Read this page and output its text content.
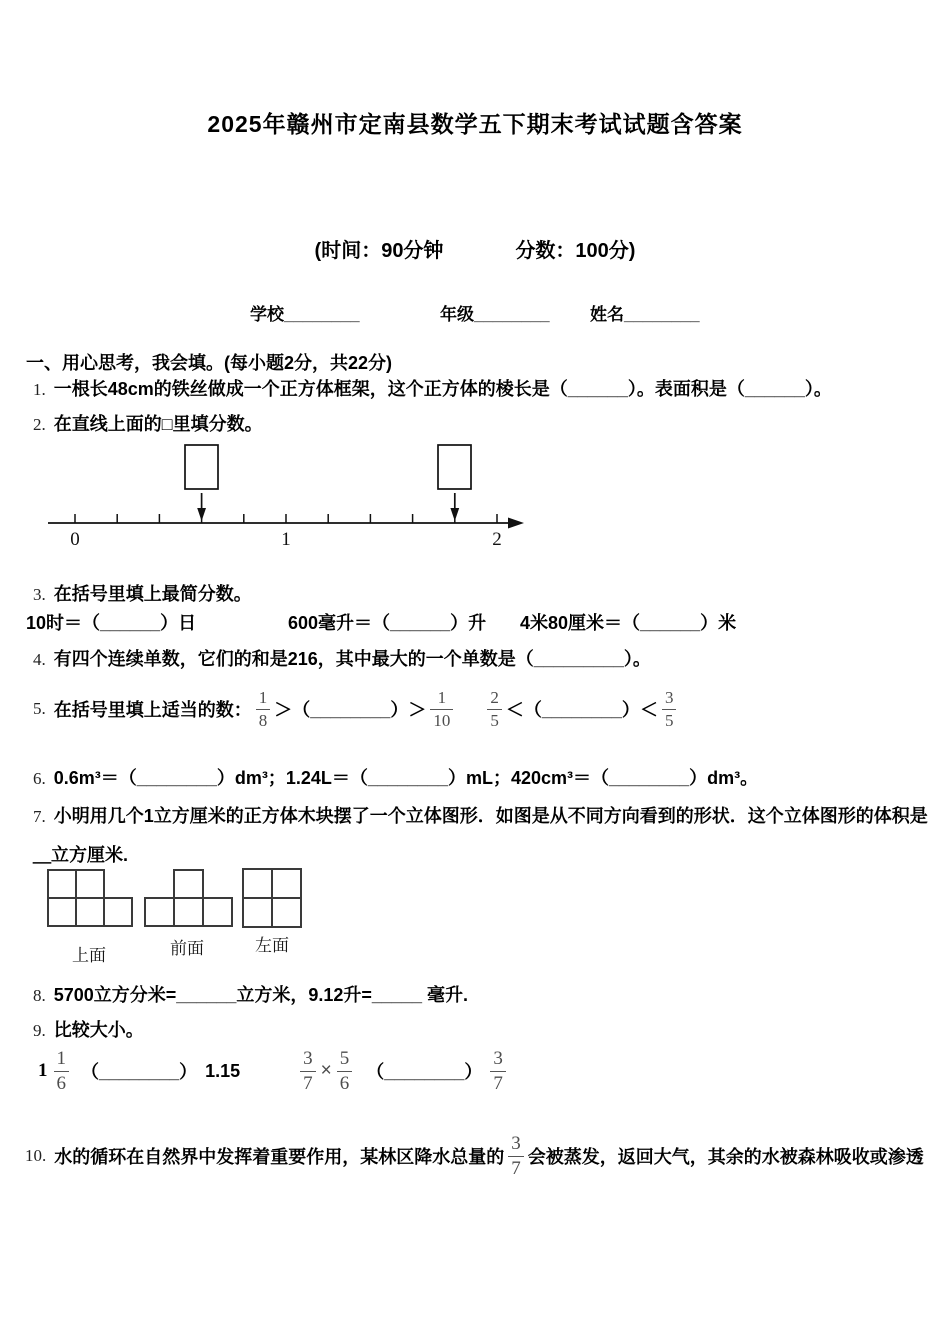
2025年赣州市定南县数学五下期末考试试题含答案
(时间：90分钟	分数：100分)
学校________	年级________ 姓名________
一、用心思考，我会填。(每小题2分，共22分)
1. 一根长48cm的铁丝做成一个正方体框架，这个正方体的棱长是（______）。表面积是（______）。
2. 在直线上面的□里填分数。
0	1	2
3. 在括号里填上最简分数。
10时＝（______）日	600毫升＝（______）升 4米80厘米＝（______）米
4. 有四个连续单数，它们的和是216，其中最大的一个单数是（_________）。
5. 在括号里填上适当的数： $\frac{1}{8}$ ＞ （________） ＞ $\frac{1}{10} \frac{2}{5}$ ＜ （________） ＜ $\frac{3}{5}$
6. 0.6m³＝（________）dm³；1.24L＝（________）mL；420cm³＝（________）dm³。
7. 小明用几个1立方厘米的正方体木块摆了一个立体图形．如图是从不同方向看到的形状．这个立体图形的体积是＿立方厘米.
上面	前面	左面
8. 5700立方分米=______立方米，9.12升=_____ 毫升.
9. 比较大小。
$1 \frac{1}{6}$ （________） 1.15	$\frac{3}{7} \times \frac{5}{6}$ （________） $\frac{3}{7}$
10. 水的循环在自然界中发挥着重要作用，某林区降水总量的 $\frac{3}{7}$ 会被蒸发，返回大气，其余的水被森林吸收或渗透
